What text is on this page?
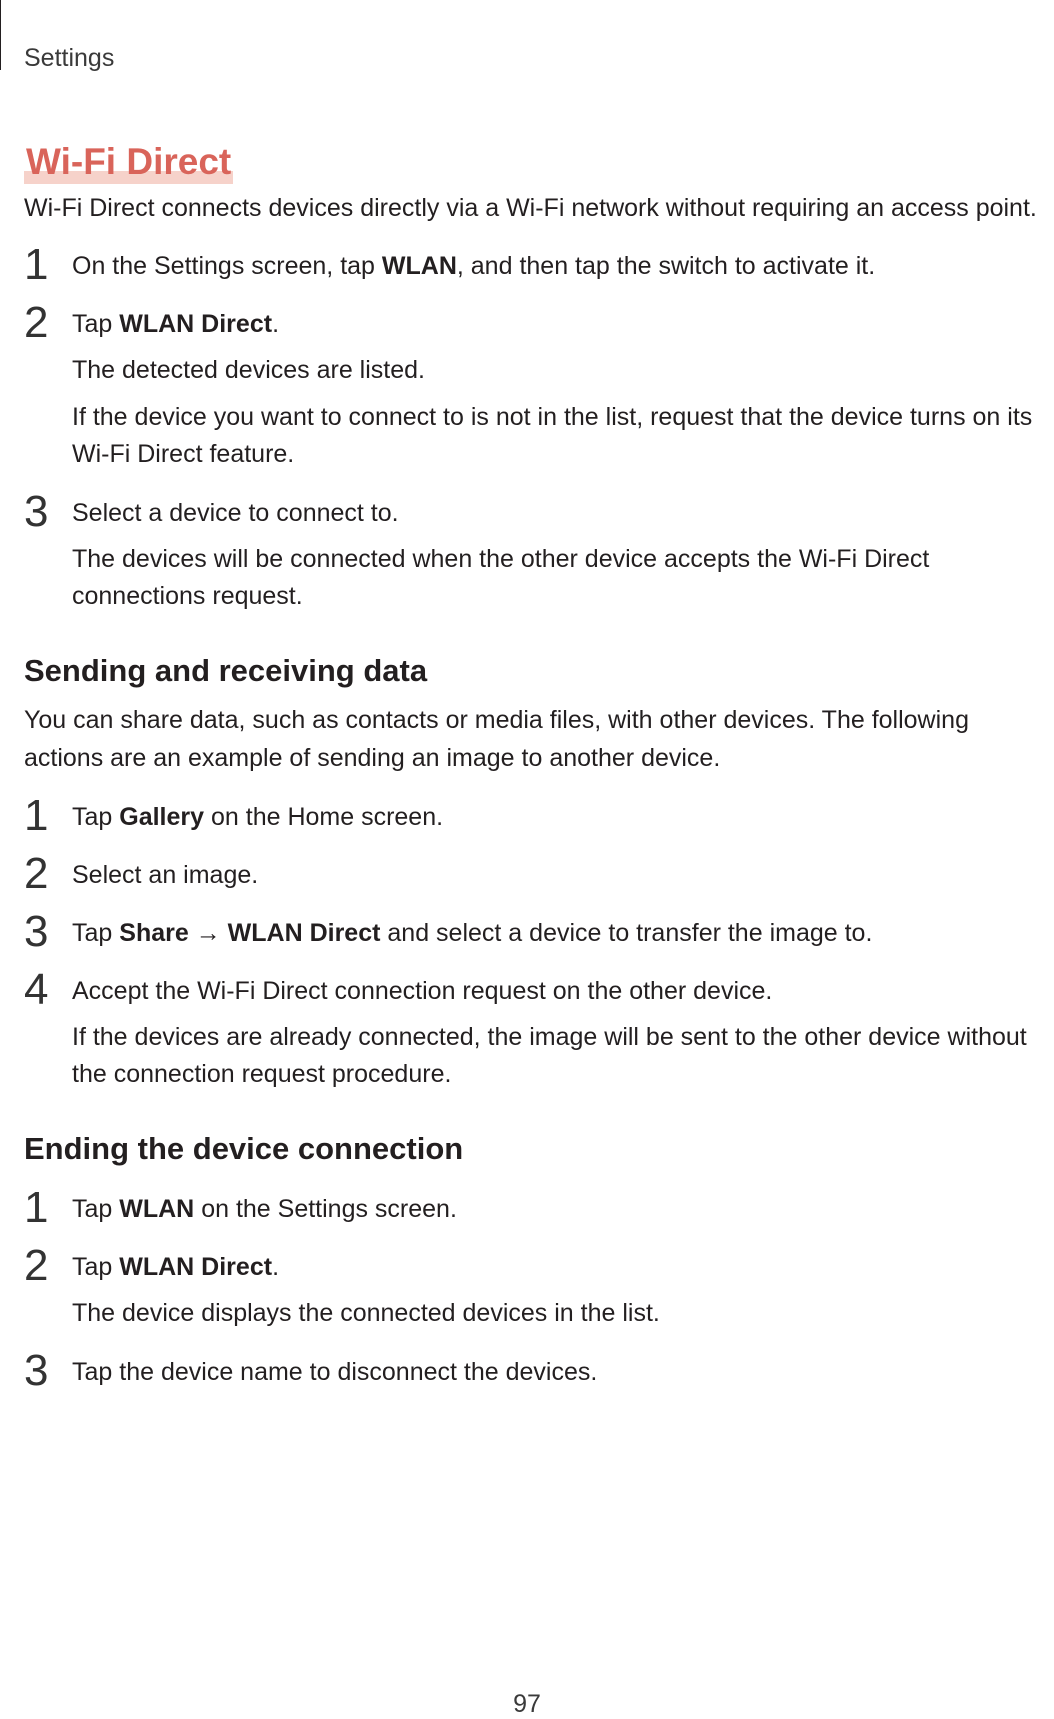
Settings
Wi-Fi Direct

Wi-Fi Direct connects devices directly via a Wi-Fi network without requiring an access point.

1 On the Settings screen, tap WLAN, and then tap the switch to activate it.

2 Tap WLAN Direct.

The detected devices are listed.

If the device you want to connect to is not in the list, request that the device turns on its Wi-Fi Direct feature.

3 Select a device to connect to.

The devices will be connected when the other device accepts the Wi-Fi Direct connections request.

Sending and receiving data

You can share data, such as contacts or media files, with other devices. The following actions are an example of sending an image to another device.

1 Tap Gallery on the Home screen.

2 Select an image.

3 Tap Share → WLAN Direct and select a device to transfer the image to.

4 Accept the Wi-Fi Direct connection request on the other device.

If the devices are already connected, the image will be sent to the other device without the connection request procedure.

Ending the device connection
1 Tap WLAN on the Settings screen.

2 Tap WLAN Direct.

The device displays the connected devices in the list.

3 Tap the device name to disconnect the devices.

97
